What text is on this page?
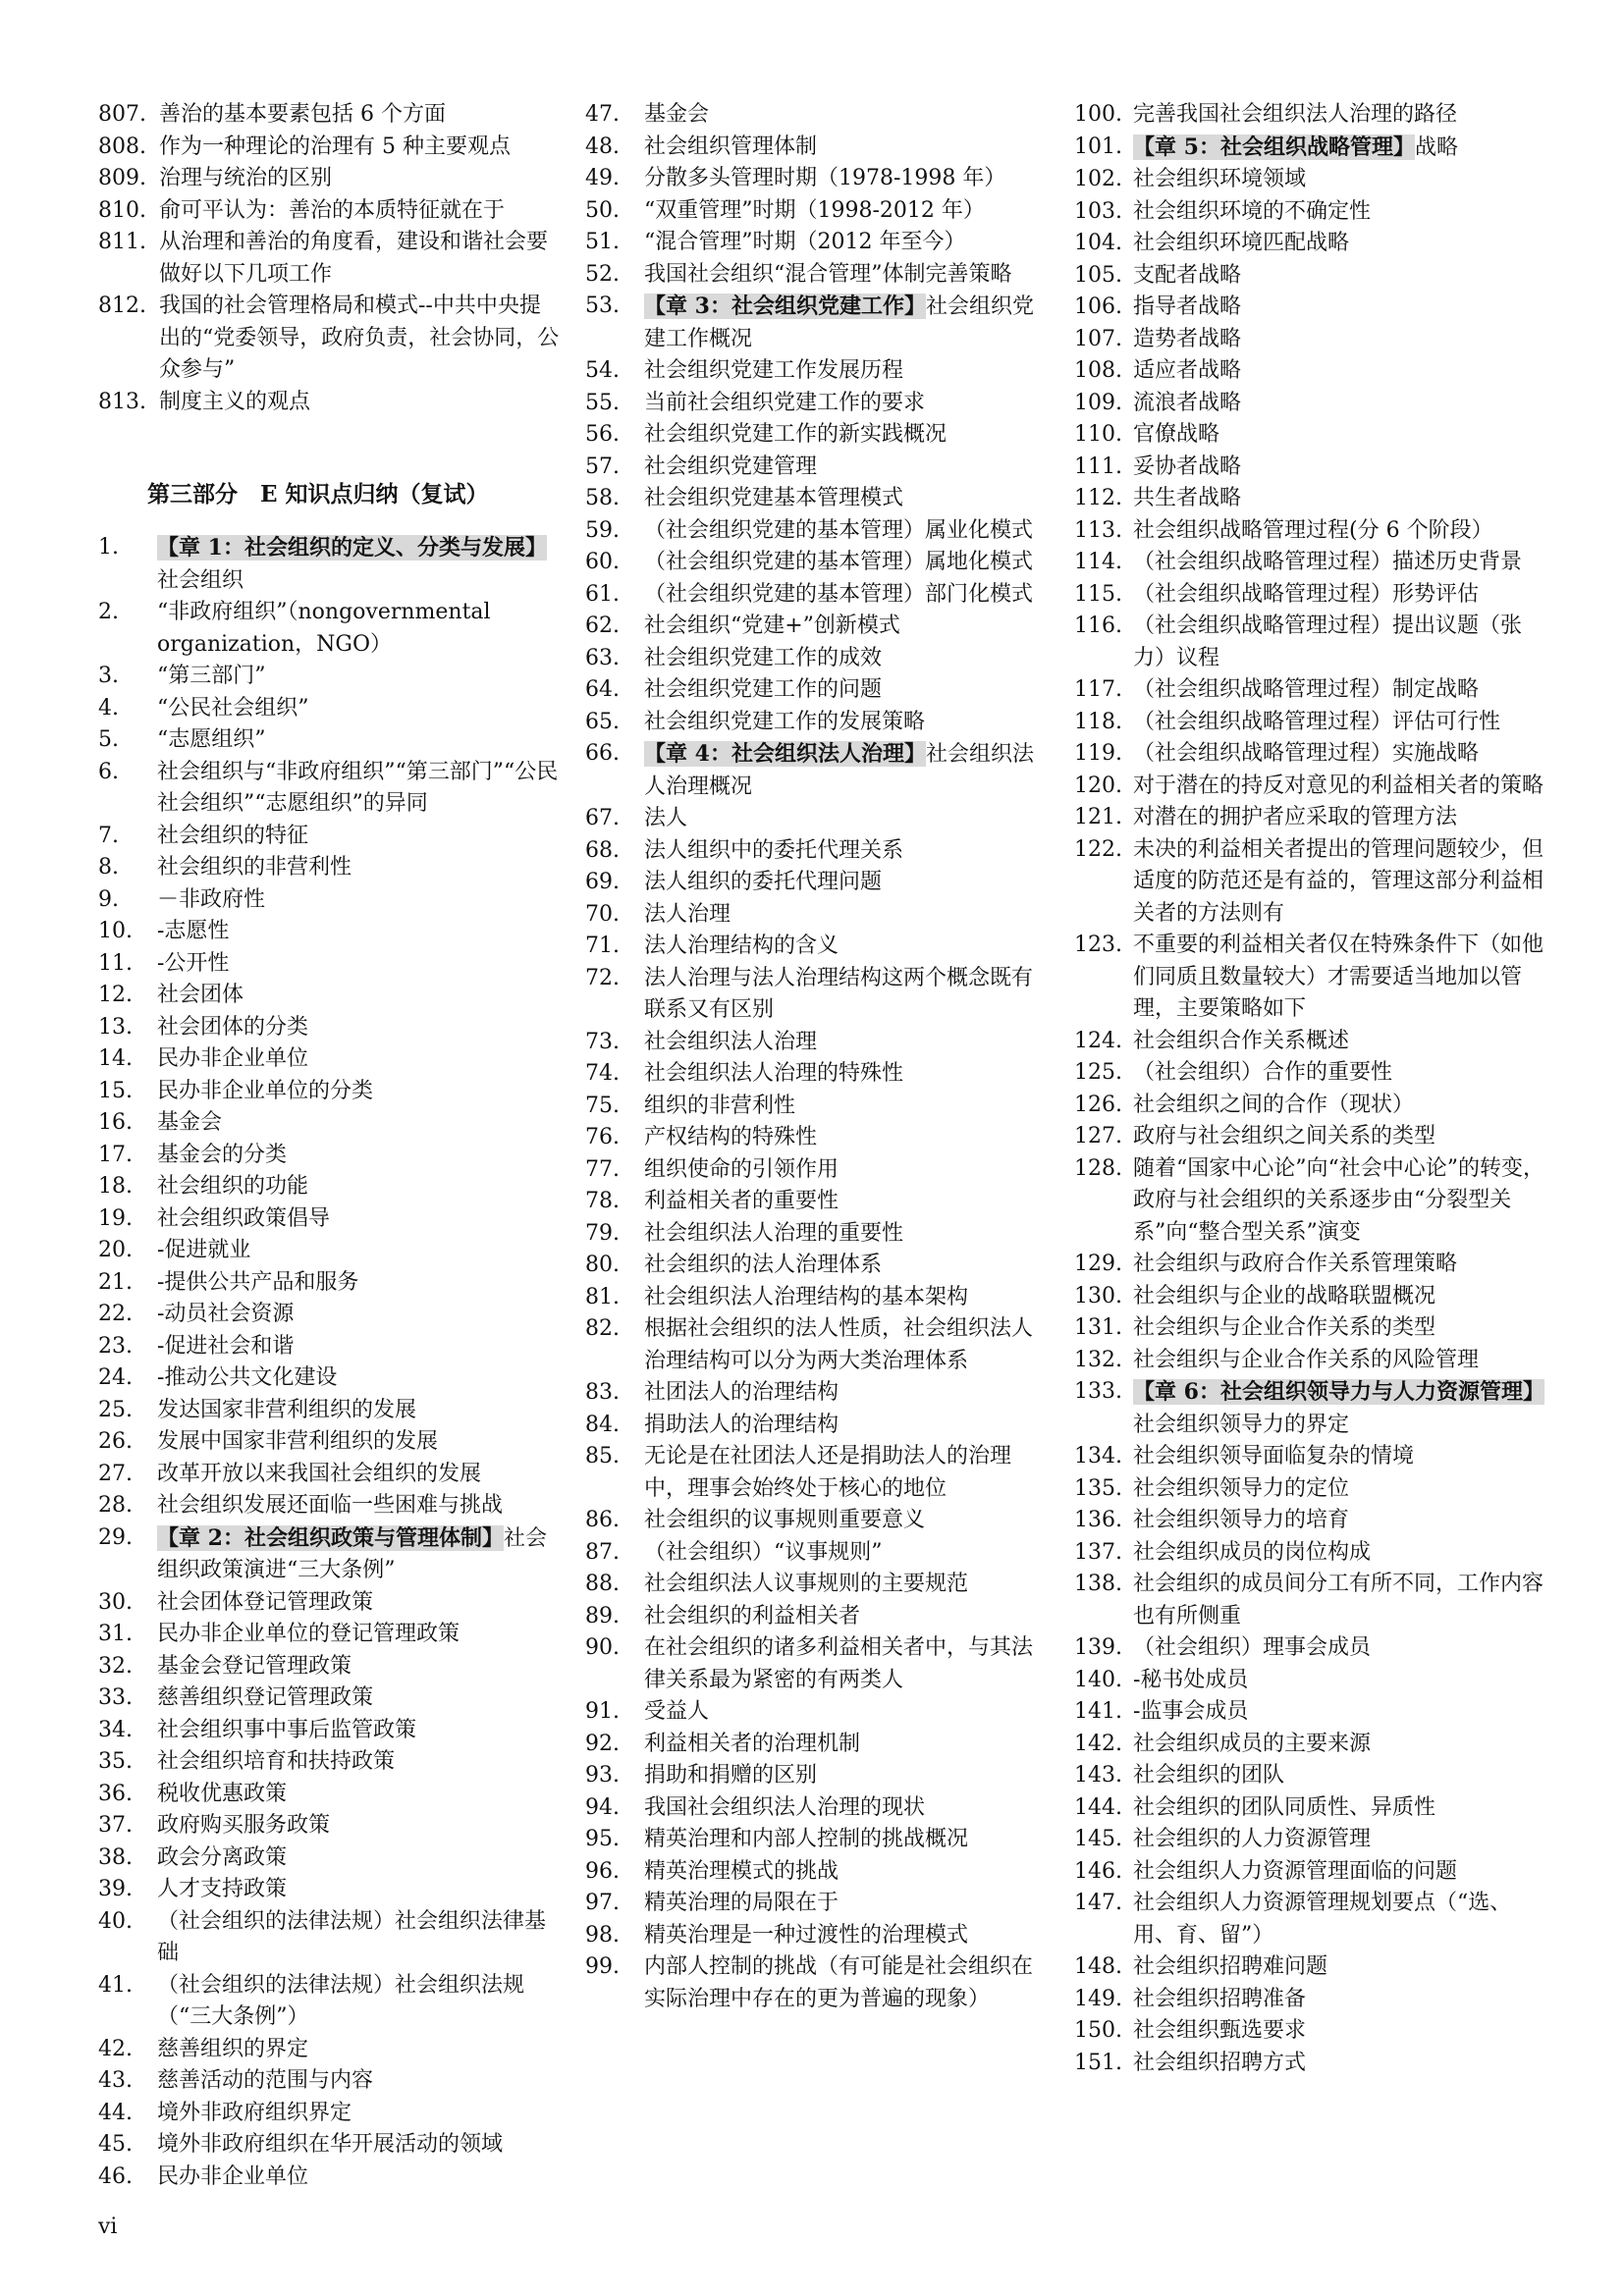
807. 善治的基本要素包括 6 个方面
808. 作为一种理论的治理有 5 种主要观点
809. 治理与统治的区别
810. 俞可平认为：善治的本质特征就在于
811. 从治理和善治的角度看，建设和谐社会要做好以下几项工作
812. 我国的社会管理格局和模式--中共中央提出的“党委领导，政府负责，社会协同，公众参与”
813. 制度主义的观点
第三部分　E 知识点归纳（复试）
1.	【章 1：社会组织的定义、分类与发展】社会组织
2.	“非政府组织”（nongovernmental organization，NGO）
3.	“第三部门”
4.	“公民社会组织”
5.	“志愿组织”
6.	社会组织与“非政府组织”“第三部门”“公民社会组织”“志愿组织”的异同
7.	社会组织的特征
8.	社会组织的非营利性
9.	－非政府性
10.	-志愿性
11.	-公开性
12.	社会团体
13.	社会团体的分类
14.	民办非企业单位
15.	民办非企业单位的分类
16.	基金会
17.	基金会的分类
18.	社会组织的功能
19.	社会组织政策倡导
20.	-促进就业
21.	-提供公共产品和服务
22.	-动员社会资源
23.	-促进社会和谐
24.	-推动公共文化建设
25.	发达国家非营利组织的发展
26.	发展中国家非营利组织的发展
27.	改革开放以来我国社会组织的发展
28.	社会组织发展还面临一些困难与挑战
29.	【章 2：社会组织政策与管理体制】社会组织政策演进“三大条例”
30.	社会团体登记管理政策
31.	民办非企业单位的登记管理政策
32.	基金会登记管理政策
33.	慈善组织登记管理政策
34.	社会组织事中事后监管政策
35.	社会组织培育和扶持政策
36.	税收优惠政策
37.	政府购买服务政策
38.	政会分离政策
39.	人才支持政策
40.	（社会组织的法律法规）社会组织法律基础
41.	（社会组织的法律法规）社会组织法规（“三大条例”）
42.	慈善组织的界定
43.	慈善活动的范围与内容
44.	境外非政府组织界定
45.	境外非政府组织在华开展活动的领域
46.	民办非企业单位
47.	基金会
48.	社会组织管理体制
49.	分散多头管理时期（1978-1998 年）
50.	“双重管理”时期（1998-2012 年）
51.	“混合管理”时期（2012 年至今）
52.	我国社会组织“混合管理”体制完善策略
53.	【章 3：社会组织党建工作】社会组织党建工作概况
54.	社会组织党建工作发展历程
55.	当前社会组织党建工作的要求
56.	社会组织党建工作的新实践概况
57.	社会组织党建管理
58.	社会组织党建基本管理模式
59.	（社会组织党建的基本管理）属业化模式
60.	（社会组织党建的基本管理）属地化模式
61.	（社会组织党建的基本管理）部门化模式
62.	社会组织“党建+”创新模式
63.	社会组织党建工作的成效
64.	社会组织党建工作的问题
65.	社会组织党建工作的发展策略
66.	【章 4：社会组织法人治理】社会组织法人治理概况
67.	法人
68.	法人组织中的委托代理关系
69.	法人组织的委托代理问题
70.	法人治理
71.	法人治理结构的含义
72.	法人治理与法人治理结构这两个概念既有联系又有区别
73.	社会组织法人治理
74.	社会组织法人治理的特殊性
75.	组织的非营利性
76.	产权结构的特殊性
77.	组织使命的引领作用
78.	利益相关者的重要性
79.	社会组织法人治理的重要性
80.	社会组织的法人治理体系
81.	社会组织法人治理结构的基本架构
82.	根据社会组织的法人性质，社会组织法人治理结构可以分为两大类治理体系
83.	社团法人的治理结构
84.	捐助法人的治理结构
85.	无论是在社团法人还是捐助法人的治理中，理事会始终处于核心的地位
86.	社会组织的议事规则重要意义
87.	（社会组织）“议事规则”
88.	社会组织法人议事规则的主要规范
89.	社会组织的利益相关者
90.	在社会组织的诸多利益相关者中，与其法律关系最为紧密的有两类人
91.	受益人
92.	利益相关者的治理机制
93.	捐助和捐赠的区别
94.	我国社会组织法人治理的现状
95.	精英治理和内部人控制的挑战概况
96.	精英治理模式的挑战
97.	精英治理的局限在于
98.	精英治理是一种过渡性的治理模式
99.	内部人控制的挑战（有可能是社会组织在实际治理中存在的更为普遍的现象）
100. 完善我国社会组织法人治理的路径
101. 【章 5：社会组织战略管理】战略
102. 社会组织环境领域
103. 社会组织环境的不确定性
104. 社会组织环境匹配战略
105. 支配者战略
106. 指导者战略
107. 造势者战略
108. 适应者战略
109. 流浪者战略
110. 官僚战略
111. 妥协者战略
112. 共生者战略
113. 社会组织战略管理过程(分 6 个阶段）
114. （社会组织战略管理过程）描述历史背景
115. （社会组织战略管理过程）形势评估
116. （社会组织战略管理过程）提出议题（张力）议程
117. （社会组织战略管理过程）制定战略
118. （社会组织战略管理过程）评估可行性
119. （社会组织战略管理过程）实施战略
120. 对于潜在的持反对意见的利益相关者的策略
121. 对潜在的拥护者应采取的管理方法
122. 未决的利益相关者提出的管理问题较少，但适度的防范还是有益的，管理这部分利益相关者的方法则有
123. 不重要的利益相关者仅在特殊条件下（如他们同质且数量较大）才需要适当地加以管理，主要策略如下
124. 社会组织合作关系概述
125. （社会组织）合作的重要性
126. 社会组织之间的合作（现状）
127. 政府与社会组织之间关系的类型
128. 随着“国家中心论”向“社会中心论”的转变，政府与社会组织的关系逐步由“分裂型关系”向“整合型关系”演变
129. 社会组织与政府合作关系管理策略
130. 社会组织与企业的战略联盟概况
131. 社会组织与企业合作关系的类型
132. 社会组织与企业合作关系的风险管理
133. 【章 6：社会组织领导力与人力资源管理】社会组织领导力的界定
134. 社会组织领导面临复杂的情境
135. 社会组织领导力的定位
136. 社会组织领导力的培育
137. 社会组织成员的岗位构成
138. 社会组织的成员间分工有所不同，工作内容也有所侧重
139. （社会组织）理事会成员
140. -秘书处成员
141. -监事会成员
142. 社会组织成员的主要来源
143. 社会组织的团队
144. 社会组织的团队同质性、异质性
145. 社会组织的人力资源管理
146. 社会组织人力资源管理面临的问题
147. 社会组织人力资源管理规划要点（“选、用、育、留”）
148. 社会组织招聘难问题
149. 社会组织招聘准备
150. 社会组织甄选要求
151. 社会组织招聘方式
vi
